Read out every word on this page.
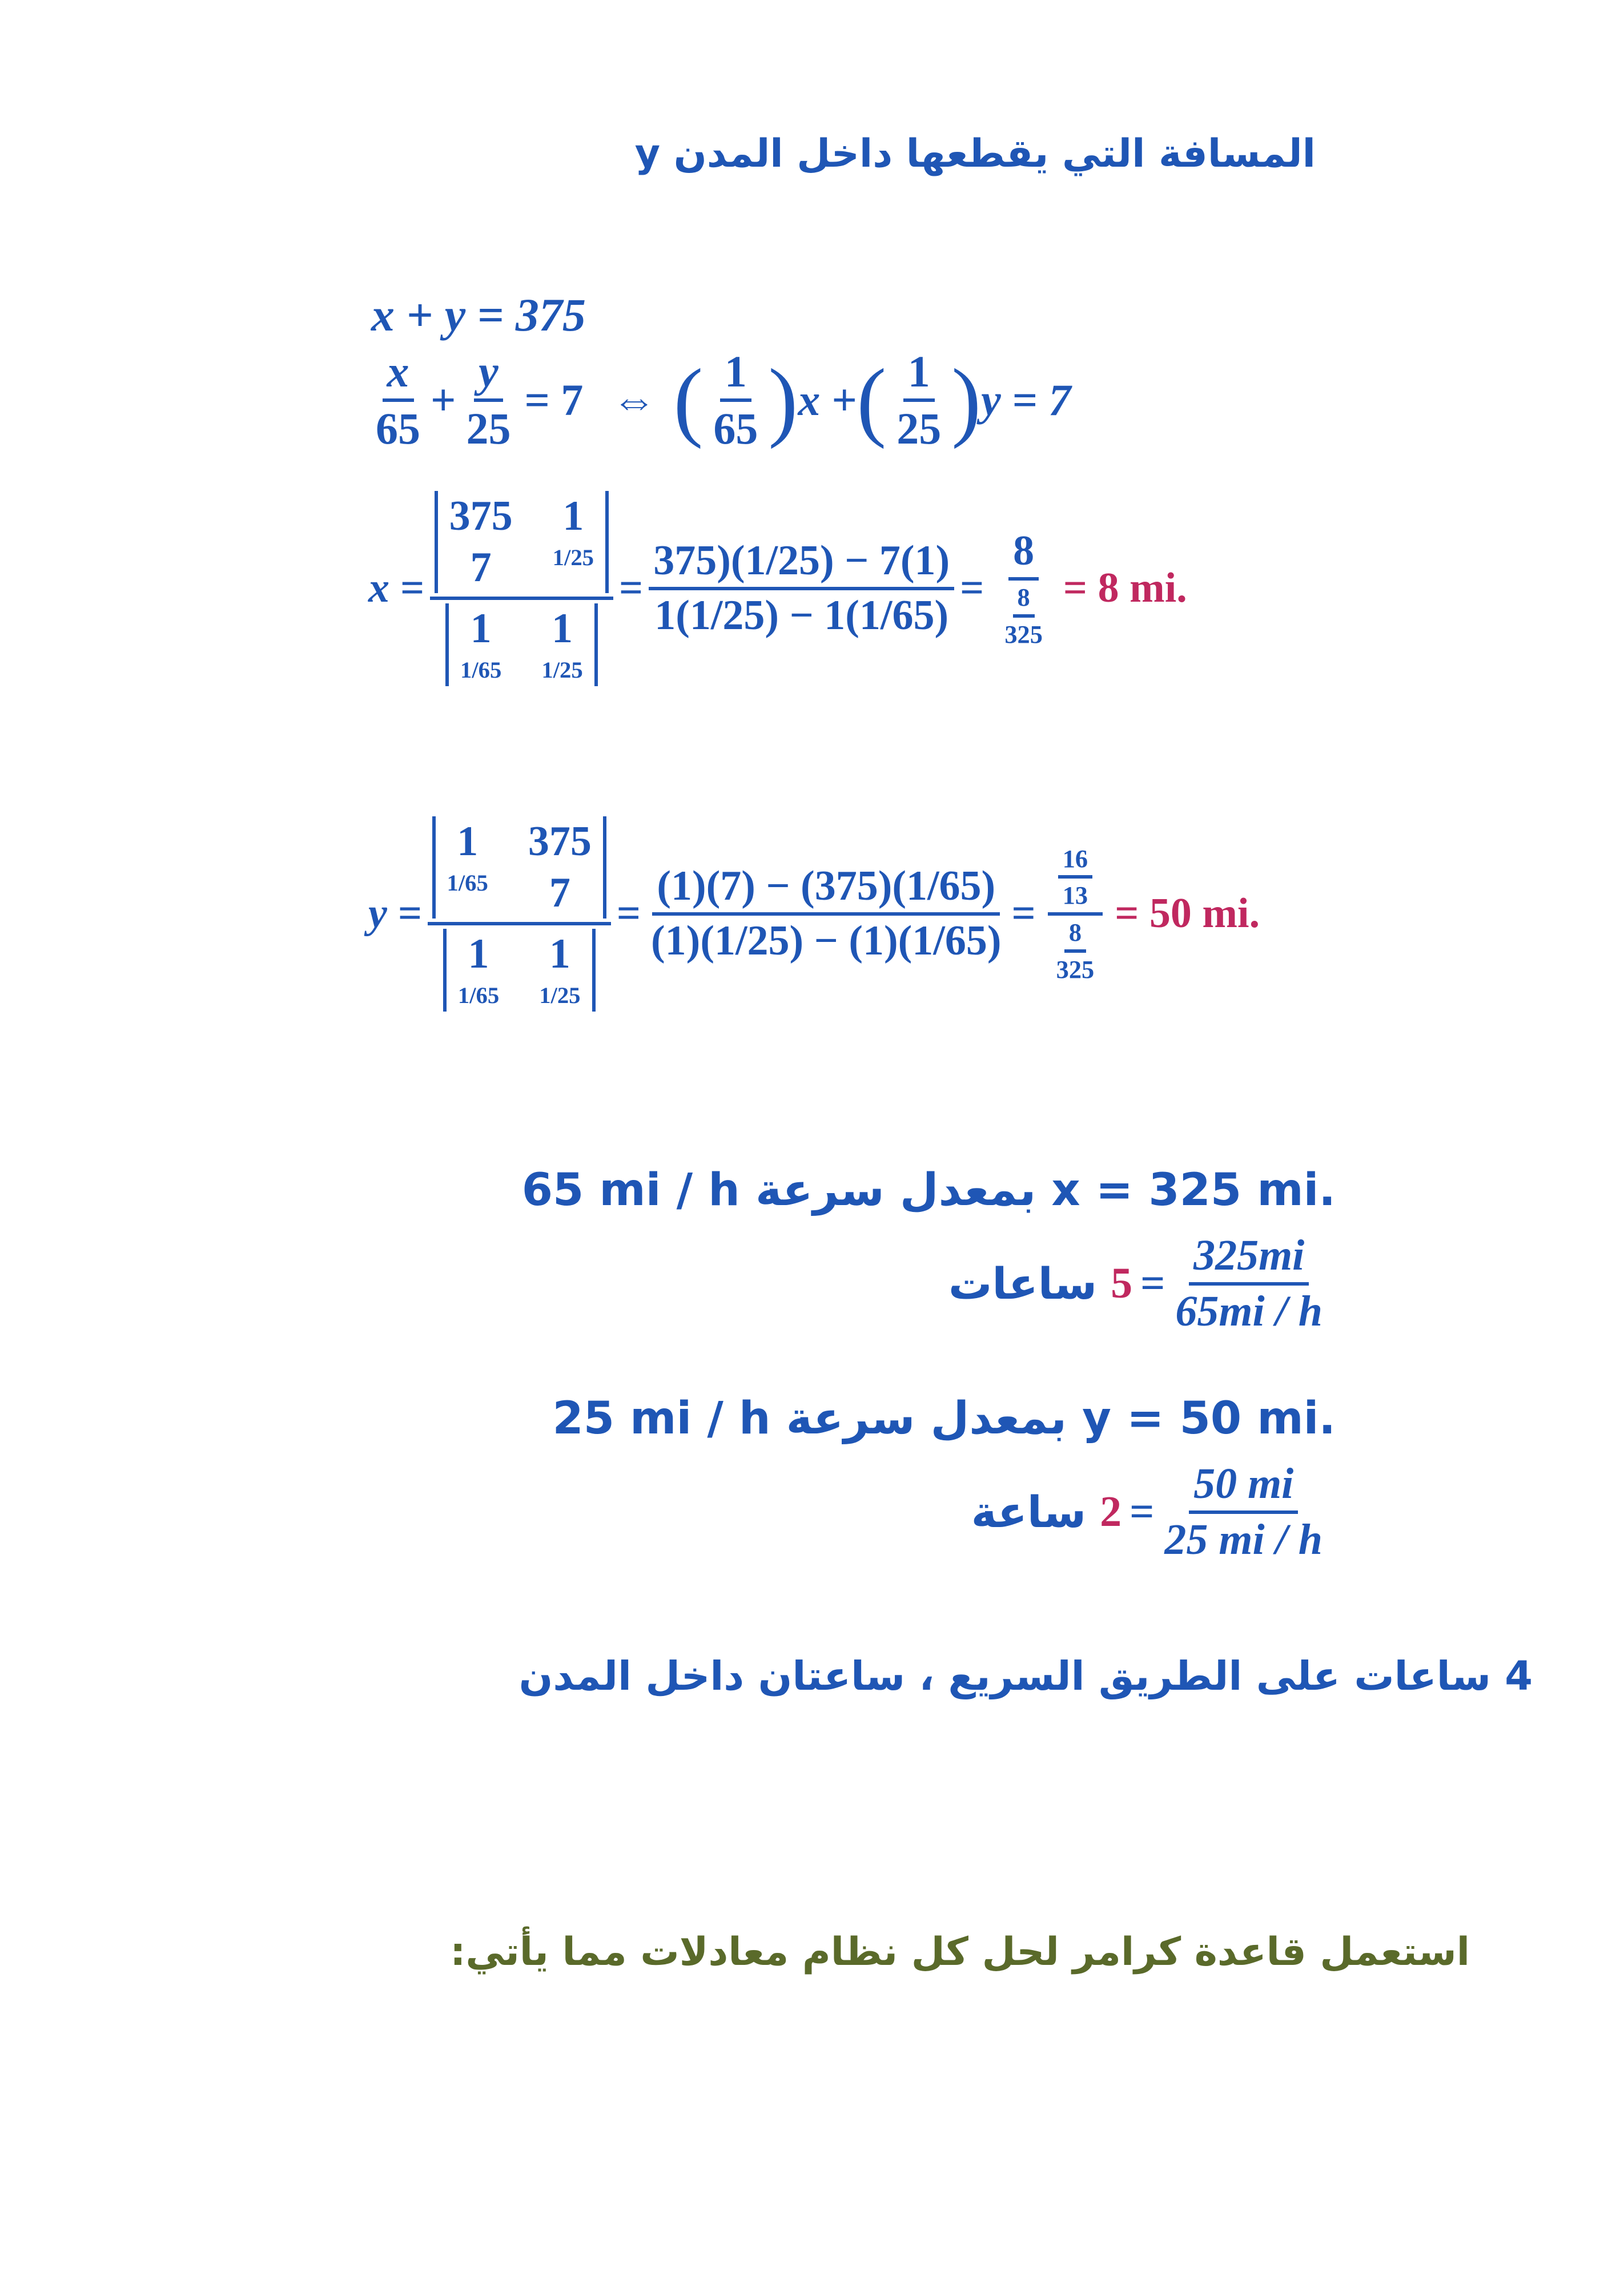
y المسافة التي يقطعها داخل المدن
x + y = 375
$\frac{x}{65} + \frac{y}{25} = 7$ ⇔ ( $\frac{1}{65}$ ) x + ( $\frac{1}{25}$ ) y = 7
x = 375 1
7	1/25
1 1
1/65 $1/25 = \frac{375)(1/25) - 7(1)}{1(1/25) - 1(1/65)} = \frac{8}{\frac{8}{325}} = 8$ mi.
y = 1 375
1/65	7
1 1
1/65 $1/25 = \frac{(1)(7) - (375)(1/65)}{(1)(1/25) - (1)(1/65)} = \frac{\frac{16}{13}}{\frac{8}{325}} = 50$ mi.
65 mi / h بمعدل سرعة x = 325 mi.
ساعات $5 = \frac{325mi}{65mi / h}$
25 mi / h بمعدل سرعة y = 50 mi.
ساعة $2 = \frac{50 mi}{25 mi / h}$
4 ساعات على الطريق السريع ، ساعتان داخل المدن
استعمل قاعدة كرامر لحل كل نظام معادلات مما يأتي:
